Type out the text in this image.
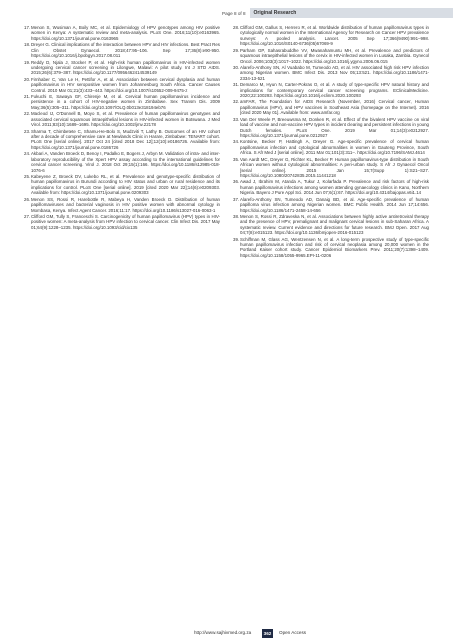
Page 8 of 8 Original Research
17. Menon S, Wusiman A, Boily MC, et al. Epidemiology of HPV genotypes among HIV positive women in Kenya: A systematic review and meta-analysis. PLoS One. 2016;11(10):e0163965. https://doi.org/10.1371/journal.pone.0163965
18. Dreyer G. Clinical implications of the interaction between HPV and HIV infections. Best Pract Res Clin Obstet Gynaecol. 2018;47:95–106. Sep 17;36(8):e90-950. https://doi.org/10.1016/j.bpobgyn.2017.08.011
19. Reddy D, Njala J, Stocker P, et al. High-risk human papillomavirus in HIV-infected women undergoing cervical cancer screening in Lilongwe, Malawi: A pilot study. Int J STD AIDS. 2015;26(6):379–387. https://doi.org/10.1177/0956462414539149
20. Firnhaber C, Van Le H, Pettifor A, et al. Association between cervical dysplasia and human papillomavirus in HIV seropositive women from Johannesburg South Africa. Cancer Causes Control. 2010 Mar 01;21(3):433–443. https://doi.org/10.1007/s10552-009-9475-z
21. Fukuchi E, Sawaya GF, Chirenje M, et al. Cervical human papillomavirus incidence and persistence in a cohort of HIV-negative women in Zimbabwe. Sex Transm Dis. 2009 May;36(5):305–311. https://doi.org/10.1097/OLQ.0b013e318194eb76
22. Macleod IJ, O'Donnell B, Moyo S, et al. Prevalence of human papillomavirus genotypes and associated cervical squamous intraepithelial lesions in HIV-infected women in Botswana. J Med Virol. 2011;83(10):1689–1695. https://doi.org/10.1002/jmv.22178
23. Sharma T, Chimbetete C, Shamu-He-Bolo S, Mudzviti T, Lathy B. Outcomes of an HIV cohort after a decade of comprehensive care at Newlands Clinic in Harare, Zimbabwe: TENART cohort. PLoS One [serial online]. 2017 Oct 24 [cited 2018 Dec 12];12(10):e0186726. Available from: https://doi.org/10.1371/journal.pone.0186726
24. Akbari A, Vanden Broeck D, Benoy I, Padalko E, Bogers J, Arbyn M. Validation of intra- and inter-laboratory reproducibility of the Xpert HPV assay according to the international guidelines for cervical cancer screening. Virol J. 2018 Oct 29;15(1):166. https://doi.org/10.1186/s12985-018-1076-6
25. Kabeyene Z, Broeck DV, Lukebo RL, et al. Prevalence and genotype-specific distribution of human papillomavirus in Burundi according to HIV status and urban or rural residence and its implications for control. PLoS One [serial online]. 2019 [cited 2020 Mar 22];14(6):e0209303. Available from: https://doi.org/10.1371/journal.pone.0209303
26. Menon SS, Rossi R, Harebottle R, Mabeya H, Vanden Broeck D. Distribution of human papillomaviruses and bacterial vaginosis in HIV positive women with abnormal cytology in Mombasa, Kenya. Infect Agent Cancer. 2016;11:17. https://doi.org/10.1186/s13027-016-0063-1
27. Clifford GM, Tully S, Franceschi S. Carcinogenicity of human papillomavirus (HPV) types in HIV-positive women: A meta-analysis from HPV infection to cervical cancer. Clin Infect Dis. 2017 May 01;64(9):1228–1235. https://doi.org/10.1093/cid/cix135
28. Clifford GM, Gallus S, Herrero R, et al. Worldwide distribution of human papillomavirus types in cytologically normal women in the International Agency for Research on Cancer HPV prevalence surveys: A pooled analysis. Lancet. 2005 Sep 17;366(9490):991–998. https://doi.org/10.1016/S0140-6736(05)67069-9
29. Parham GP, Sahasrabuddhe VV, Mwanahamuntu MH, et al. Prevalence and predictors of squamous intraepithelial lesions of the cervix in HIV-infected women in Lusaka, Zambia. Gynecol Oncol. 2006;103(3):1017–1022. https://doi.org/10.1016/j.ygyno.2006.06.015
30. Alarefo-Anthony SN, Al Vuababo M, Tumeodo AD, et al. HIV associated high risk HPV infection among Nigerian women. BMC Infect Dis. 2013 Nov 05;13:521. https://doi.org/10.1186/1471-2334-13-521
31. Demarco M, Hyun N, Carter-Pokras O, et al. A study of type-specific HPV natural history and implications for contemporary cervical cancer screening programs. EClinicalMedicine. 2020;22:100293. https://doi.org/10.1016/j.eclinm.2020.100293
32. amFAR, The Foundation for AIDS Research (November, 2016) Cervical cancer, Human papillomavirus (HPV), and HPV vaccines in Southeast Asia (homepage on the Internet). 2016 [cited 2020 May 01]. Available from: www.amfar.org
33. Van Der Weele P, Breeuwsma M, Donken R, et al. Effect of the bivalent HPV vaccine on viral load of vaccine and non-vaccine HPV types in incident clearing and persistent infections in young Dutch females. PLoS One. 2019 Mar 01;14(3):e0212927. https://doi.org/10.1371/journal.pone.0212927
34. Kontsine, Becker P, Hattingh A, Dreyer G. Age-specific prevalence of cervical human papillomavirus infection and cytological abnormalities in women in Gauteng Province, South Africa. S Afr Med J [serial online]. 2011 Mar 01;101(3):311–. https://doi.org/10.7196/SAMJ.4614
35. Van Aardt MC, Dreyer G, Richter KL, Becker P. Human papillomavirus-type distribution in South African women without cytological abnormalities: A peri-urban study. S Afr J Gynaecol Oncol [serial online]. 2015 Jan 15;7(Supp 1):S21–S27. https://doi.org/10.1080/20742835.2015.11441218
36. Awad J, Ibrahim M, Atanda A, Tukur J, Kolarfada P. Prevalence and risk factors of high-risk human papillomavirus infections among women attending gynaecology clinics in Kano, Northern Nigeria. Bayero J Pure Appl Sci. 2014 Jun 07;6(1):67. https://doi.org/10.4314/bajopas.v6i1.14
37. Alarefo-Anthony SN, Tumeodo AD, Danaig BD, et al. Age-specific prevalence of human papilloma virus infection among Nigerian women. BMC Public Health. 2014 Jun 17;14:656. https://doi.org/10.1186/1471-2458-14-656
38. Menon S, Rossi R, Zdraveska N, et al. Associations between highly active antiretroviral therapy and the presence of HPV, premalignant and malignant cervical lesions in sub-Saharan Africa. A systematic review. Current evidence and directions for future research. BMJ Open. 2017 Aug 04;7(8):e015123. https://doi.org/10.1136/bmjopen-2016-015123
39. Schiffman M, Glass AG, Wentzensen N, et al. A long-term prospective study of type-specific human papillomavirus infection and risk of cervical neoplasia among 20,000 women in the Portland Kaiser cohort study. Cancer Epidemiol Biomarkers Prev. 2011;20(7):1398–1409. https://doi.org/10.1158/1055-9965.EPI-11-0206
http://www.sajhivmed.org.za	362	Open Access
